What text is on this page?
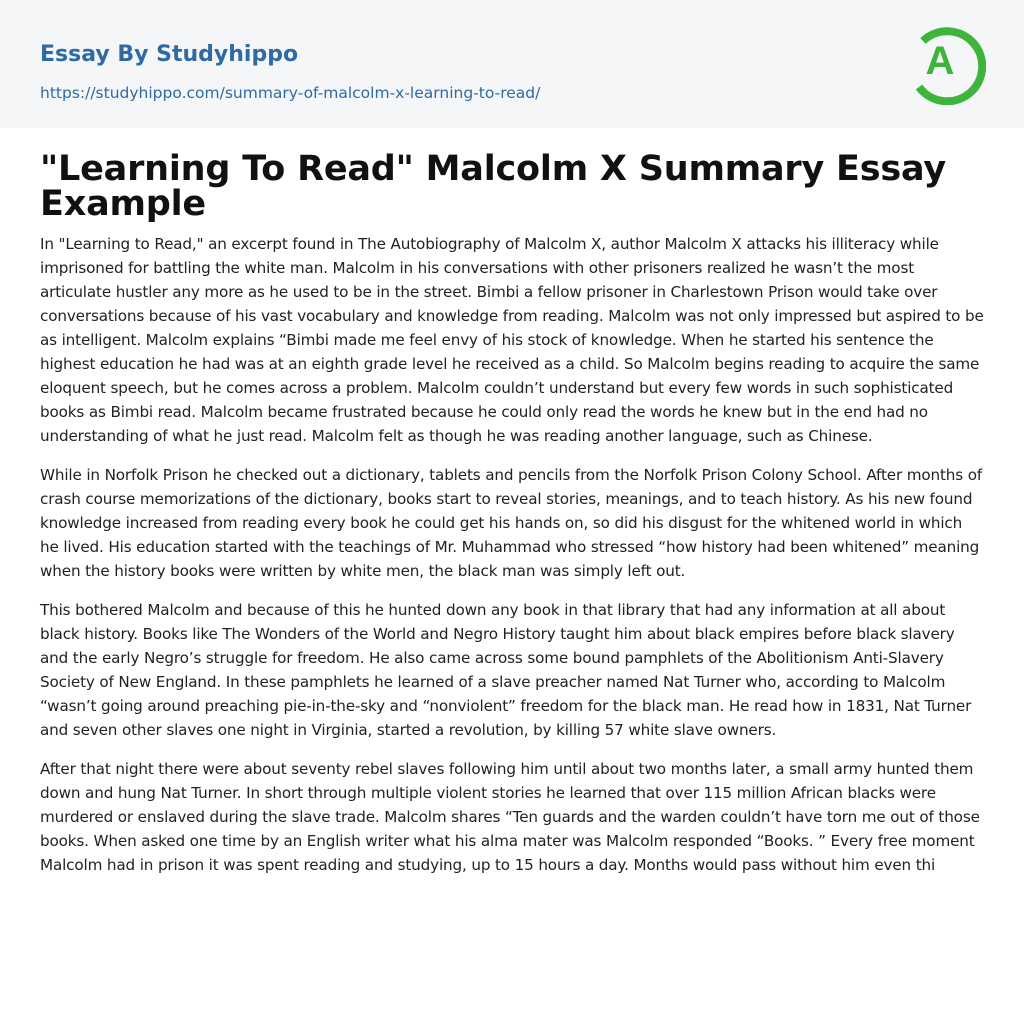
Essay By Studyhippo
https://studyhippo.com/summary-of-malcolm-x-learning-to-read/
A
"Learning To Read" Malcolm X Summary Essay Example

In "Learning to Read," an excerpt found in The Autobiography of Malcolm X, author Malcolm X attacks his illiteracy while imprisoned for battling the white man. Malcolm in his conversations with other prisoners realized he wasn’t the most articulate hustler any more as he used to be in the street. Bimbi a fellow prisoner in Charlestown Prison would take over conversations because of his vast vocabulary and knowledge from reading. Malcolm was not only impressed but aspired to be as intelligent. Malcolm explains “Bimbi made me feel envy of his stock of knowledge. When he started his sentence the highest education he had was at an eighth grade level he received as a child. So Malcolm begins reading to acquire the same eloquent speech, but he comes across a problem. Malcolm couldn’t understand but every few words in such sophisticated books as Bimbi read. Malcolm became frustrated because he could only read the words he knew but in the end had no understanding of what he just read. Malcolm felt as though he was reading another language, such as Chinese.

While in Norfolk Prison he checked out a dictionary, tablets and pencils from the Norfolk Prison Colony School. After months of crash course memorizations of the dictionary, books start to reveal stories, meanings, and to teach history. As his new found knowledge increased from reading every book he could get his hands on, so did his disgust for the whitened world in which he lived. His education started with the teachings of Mr. Muhammad who stressed “how history had been whitened” meaning when the history books were written by white men, the black man was simply left out.

This bothered Malcolm and because of this he hunted down any book in that library that had any information at all about black history. Books like The Wonders of the World and Negro History taught him about black empires before black slavery and the early Negro’s struggle for freedom. He also came across some bound pamphlets of the Abolitionism Anti-Slavery Society of New England. In these pamphlets he learned of a slave preacher named Nat Turner who, according to Malcolm “wasn’t going around preaching pie-in-the-sky and “nonviolent” freedom for the black man. He read how in 1831, Nat Turner and seven other slaves one night in Virginia, started a revolution, by killing 57 white slave owners.

After that night there were about seventy rebel slaves following him until about two months later, a small army hunted them down and hung Nat Turner. In short through multiple violent stories he learned that over 115 million African blacks were murdered or enslaved during the slave trade. Malcolm shares “Ten guards and the warden couldn’t have torn me out of those books. When asked one time by an English writer what his alma mater was Malcolm responded “Books. ” Every free moment Malcolm had in prison it was spent reading and studying, up to 15 hours a day. Months would pass without him even thi
